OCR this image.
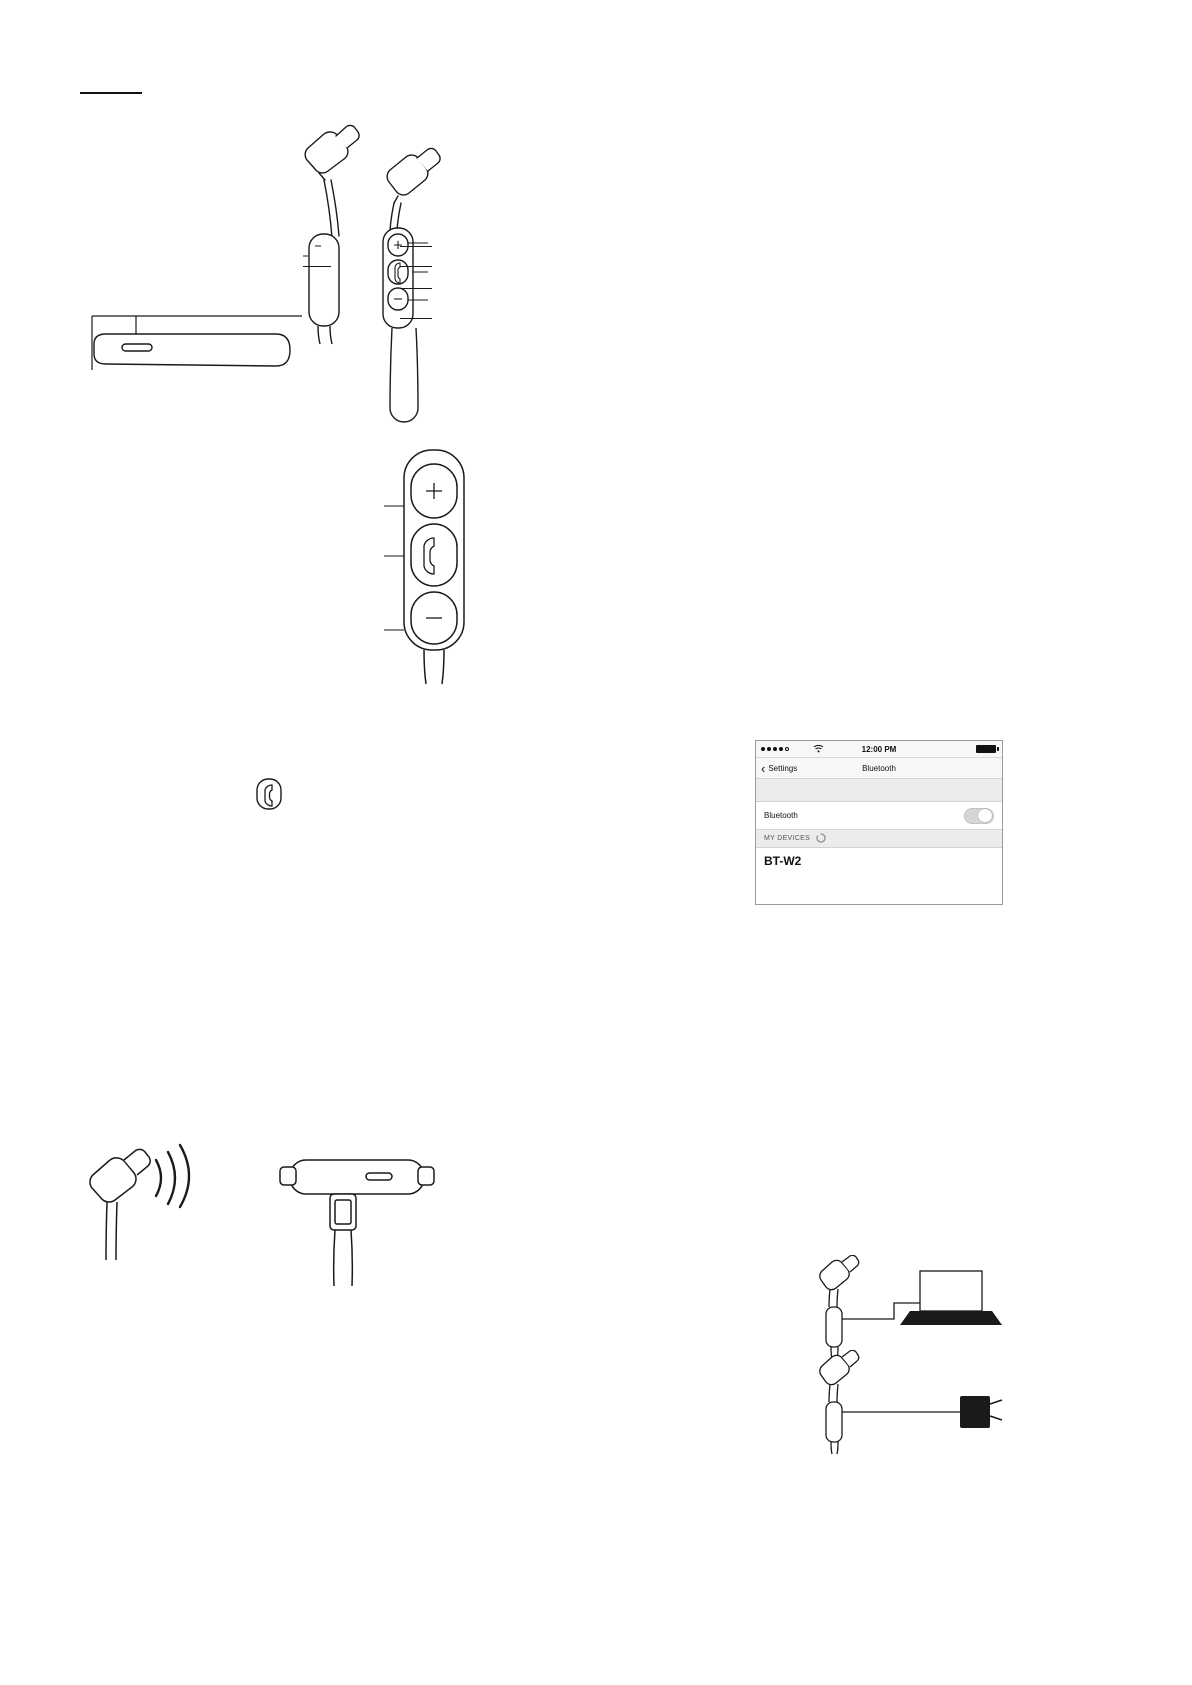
12:00 PM
‹ Settings	Bluetooth
Bluetooth
MY DEVICES
BT-W2
